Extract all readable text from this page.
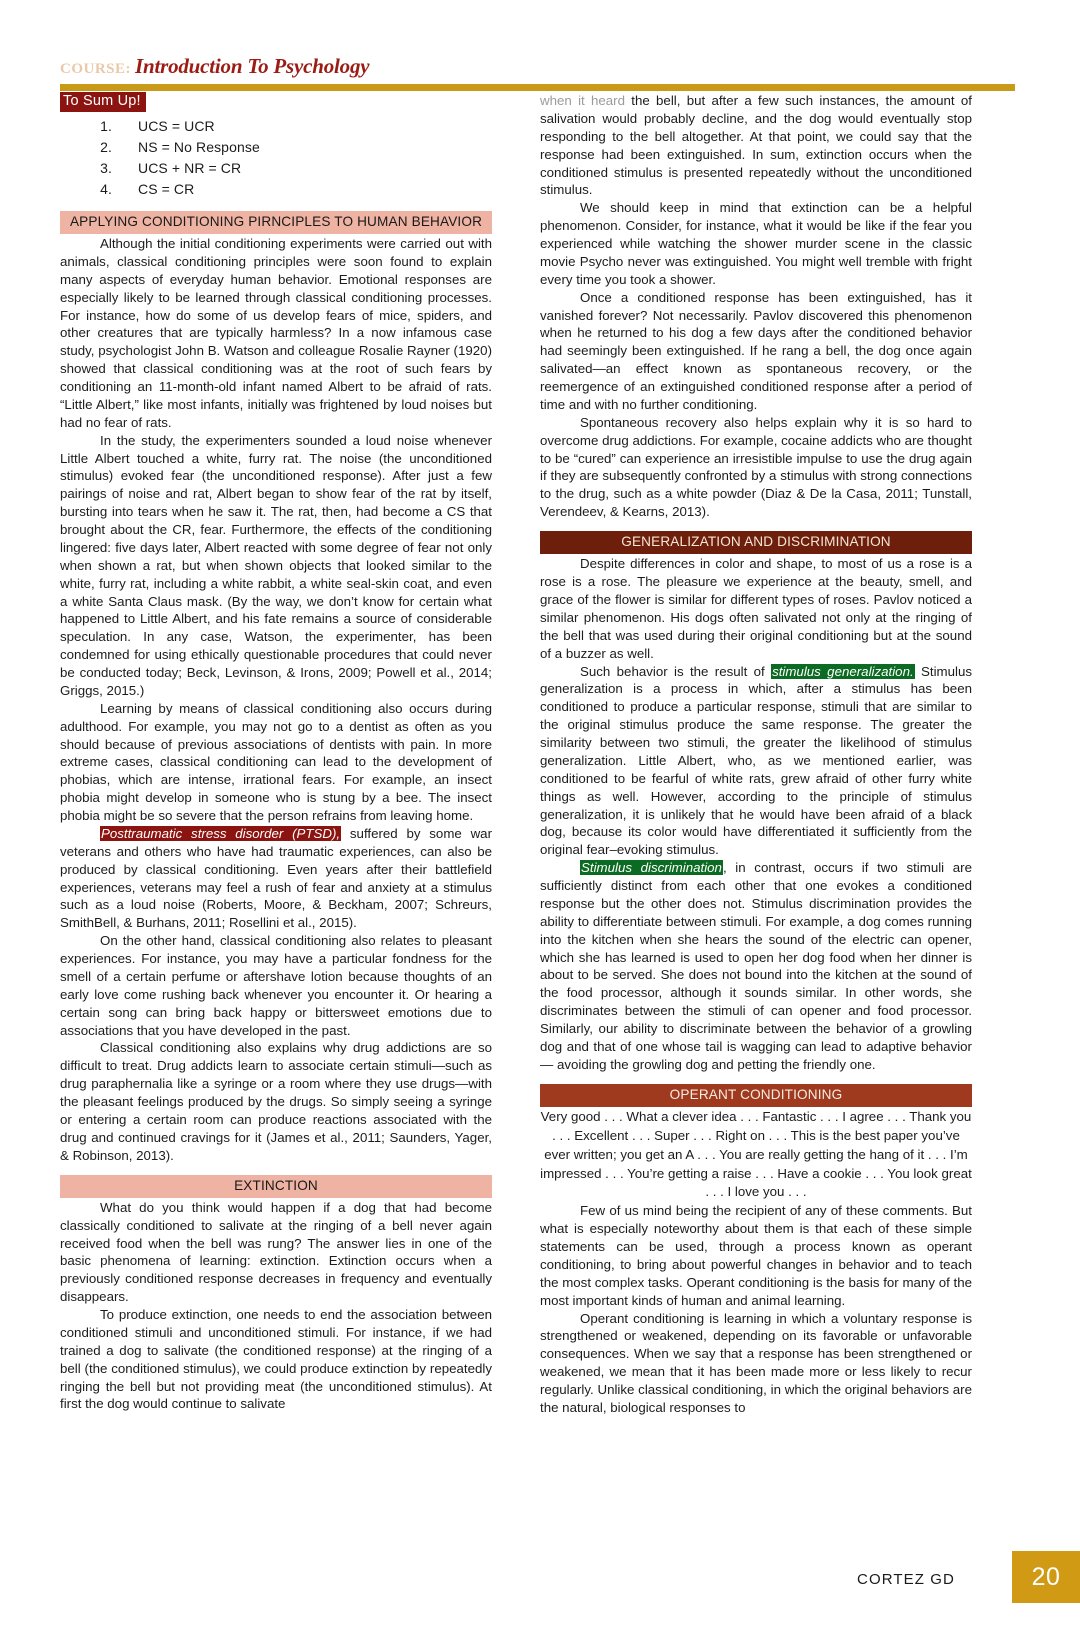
COURSE: Introduction To Psychology
To Sum Up!
1. UCS = UCR
2. NS = No Response
3. UCS + NR = CR
4. CS = CR
APPLYING CONDITIONING PIRNCIPLES TO HUMAN BEHAVIOR

Although the initial conditioning experiments were carried out with animals, classical conditioning principles were soon found to explain many aspects of everyday human behavior. Emotional responses are especially likely to be learned through classical conditioning processes. For instance, how do some of us develop fears of mice, spiders, and other creatures that are typically harmless? In a now infamous case study, psychologist John B. Watson and colleague Rosalie Rayner (1920) showed that classical conditioning was at the root of such fears by conditioning an 11-month-old infant named Albert to be afraid of rats. “Little Albert,” like most infants, initially was frightened by loud noises but had no fear of rats.

In the study, the experimenters sounded a loud noise whenever Little Albert touched a white, furry rat. The noise (the unconditioned stimulus) evoked fear (the unconditioned response). After just a few pairings of noise and rat, Albert began to show fear of the rat by itself, bursting into tears when he saw it. The rat, then, had become a CS that brought about the CR, fear. Furthermore, the effects of the conditioning lingered: five days later, Albert reacted with some degree of fear not only when shown a rat, but when shown objects that looked similar to the white, furry rat, including a white rabbit, a white seal-skin coat, and even a white Santa Claus mask. (By the way, we don’t know for certain what happened to Little Albert, and his fate remains a source of considerable speculation. In any case, Watson, the experimenter, has been condemned for using ethically questionable procedures that could never be conducted today; Beck, Levinson, & Irons, 2009; Powell et al., 2014; Griggs, 2015.)

Learning by means of classical conditioning also occurs during adulthood. For example, you may not go to a dentist as often as you should because of previous associations of dentists with pain. In more extreme cases, classical conditioning can lead to the development of phobias, which are intense, irrational fears. For example, an insect phobia might develop in someone who is stung by a bee. The insect phobia might be so severe that the person refrains from leaving home.

Posttraumatic stress disorder (PTSD), suffered by some war veterans and others who have had traumatic experiences, can also be produced by classical conditioning. Even years after their battlefield experiences, veterans may feel a rush of fear and anxiety at a stimulus such as a loud noise (Roberts, Moore, & Beckham, 2007; Schreurs, SmithBell, & Burhans, 2011; Rosellini et al., 2015).

On the other hand, classical conditioning also relates to pleasant experiences. For instance, you may have a particular fondness for the smell of a certain perfume or aftershave lotion because thoughts of an early love come rushing back whenever you encounter it. Or hearing a certain song can bring back happy or bittersweet emotions due to associations that you have developed in the past.

Classical conditioning also explains why drug addictions are so difficult to treat. Drug addicts learn to associate certain stimuli—such as drug paraphernalia like a syringe or a room where they use drugs—with the pleasant feelings produced by the drugs. So simply seeing a syringe or entering a certain room can produce reactions associated with the drug and continued cravings for it (James et al., 2011; Saunders, Yager, & Robinson, 2013).

EXTINCTION

What do you think would happen if a dog that had become classically conditioned to salivate at the ringing of a bell never again received food when the bell was rung? The answer lies in one of the basic phenomena of learning: extinction. Extinction occurs when a previously conditioned response decreases in frequency and eventually disappears.

To produce extinction, one needs to end the association between conditioned stimuli and unconditioned stimuli. For instance, if we had trained a dog to salivate (the conditioned response) at the ringing of a bell (the conditioned stimulus), we could produce extinction by repeatedly ringing the bell but not providing meat (the unconditioned stimulus). At first the dog would continue to salivate

when it heard the bell, but after a few such instances, the amount of salivation would probably decline, and the dog would eventually stop responding to the bell altogether. At that point, we could say that the response had been extinguished. In sum, extinction occurs when the conditioned stimulus is presented repeatedly without the unconditioned stimulus.

We should keep in mind that extinction can be a helpful phenomenon. Consider, for instance, what it would be like if the fear you experienced while watching the shower murder scene in the classic movie Psycho never was extinguished. You might well tremble with fright every time you took a shower.

Once a conditioned response has been extinguished, has it vanished forever? Not necessarily. Pavlov discovered this phenomenon when he returned to his dog a few days after the conditioned behavior had seemingly been extinguished. If he rang a bell, the dog once again salivated—an effect known as spontaneous recovery, or the reemergence of an extinguished conditioned response after a period of time and with no further conditioning.

Spontaneous recovery also helps explain why it is so hard to overcome drug addictions. For example, cocaine addicts who are thought to be “cured” can experience an irresistible impulse to use the drug again if they are subsequently confronted by a stimulus with strong connections to the drug, such as a white powder (Diaz & De la Casa, 2011; Tunstall, Verendeev, & Kearns, 2013).

GENERALIZATION AND DISCRIMINATION

Despite differences in color and shape, to most of us a rose is a rose is a rose. The pleasure we experience at the beauty, smell, and grace of the flower is similar for different types of roses. Pavlov noticed a similar phenomenon. His dogs often salivated not only at the ringing of the bell that was used during their original conditioning but at the sound of a buzzer as well.

Such behavior is the result of stimulus generalization. Stimulus generalization is a process in which, after a stimulus has been conditioned to produce a particular response, stimuli that are similar to the original stimulus produce the same response. The greater the similarity between two stimuli, the greater the likelihood of stimulus generalization. Little Albert, who, as we mentioned earlier, was conditioned to be fearful of white rats, grew afraid of other furry white things as well. However, according to the principle of stimulus generalization, it is unlikely that he would have been afraid of a black dog, because its color would have differentiated it sufficiently from the original fear–evoking stimulus.

Stimulus discrimination, in contrast, occurs if two stimuli are sufficiently distinct from each other that one evokes a conditioned response but the other does not. Stimulus discrimination provides the ability to differentiate between stimuli. For example, a dog comes running into the kitchen when she hears the sound of the electric can opener, which she has learned is used to open her dog food when her dinner is about to be served. She does not bound into the kitchen at the sound of the food processor, although it sounds similar. In other words, she discriminates between the stimuli of can opener and food processor. Similarly, our ability to discriminate between the behavior of a growling dog and that of one whose tail is wagging can lead to adaptive behavior— avoiding the growling dog and petting the friendly one.

OPERANT CONDITIONING

Very good . . . What a clever idea . . . Fantastic . . . I agree . . . Thank you . . . Excellent . . . Super . . . Right on . . . This is the best paper you’ve ever written; you get an A . . . You are really getting the hang of it . . . I’m impressed . . . You’re getting a raise . . . Have a cookie . . . You look great . . . I love you . . .

Few of us mind being the recipient of any of these comments. But what is especially noteworthy about them is that each of these simple statements can be used, through a process known as operant conditioning, to bring about powerful changes in behavior and to teach the most complex tasks. Operant conditioning is the basis for many of the most important kinds of human and animal learning.

Operant conditioning is learning in which a voluntary response is strengthened or weakened, depending on its favorable or unfavorable consequences. When we say that a response has been strengthened or weakened, we mean that it has been made more or less likely to recur regularly. Unlike classical conditioning, in which the original behaviors are the natural, biological responses to

CORTEZ GD	20
